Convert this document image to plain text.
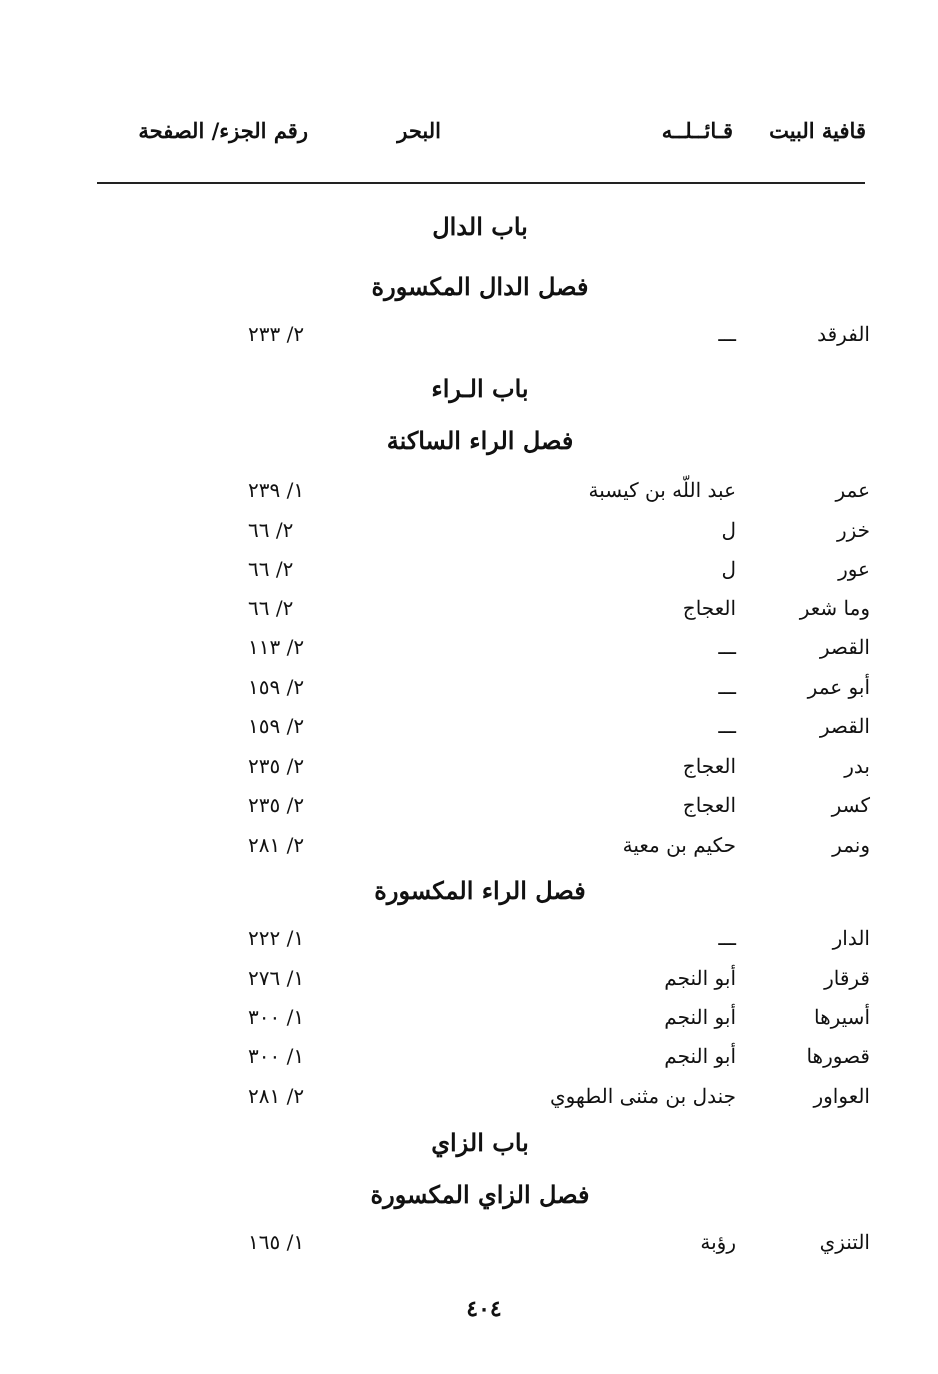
قافية البيت
قـائــلــه
البحر
رقم الجزء/ الصفحة
باب الدال
فصل الدال المكسورة
الفرقد
ـــ
٢/ ٢٣٣
باب الـراء
فصل الراء الساكنة
عمر
عبد اللّه بن كيسبة
١/ ٢٣٩
خزر
ل
٢/ ٦٦
عور
ل
٢/ ٦٦
وما شعر
العجاج
٢/ ٦٦
القصر
ـــ
٢/ ١١٣
أبو عمر
ـــ
٢/ ١٥٩
القصر
ـــ
٢/ ١٥٩
بدر
العجاج
٢/ ٢٣٥
كسر
العجاج
٢/ ٢٣٥
ونمر
حكيم بن معية
٢/ ٢٨١
فصل الراء المكسورة
الدار
ـــ
١/ ٢٢٢
قرقار
أبو النجم
١/ ٢٧٦
أسيرها
أبو النجم
١/ ٣٠٠
قصورها
أبو النجم
١/ ٣٠٠
العواور
جندل بن مثنى الطهوي
٢/ ٢٨١
باب الزاي
فصل الزاي المكسورة
التنزي
رؤبة
١/ ١٦٥
٤٠٤
